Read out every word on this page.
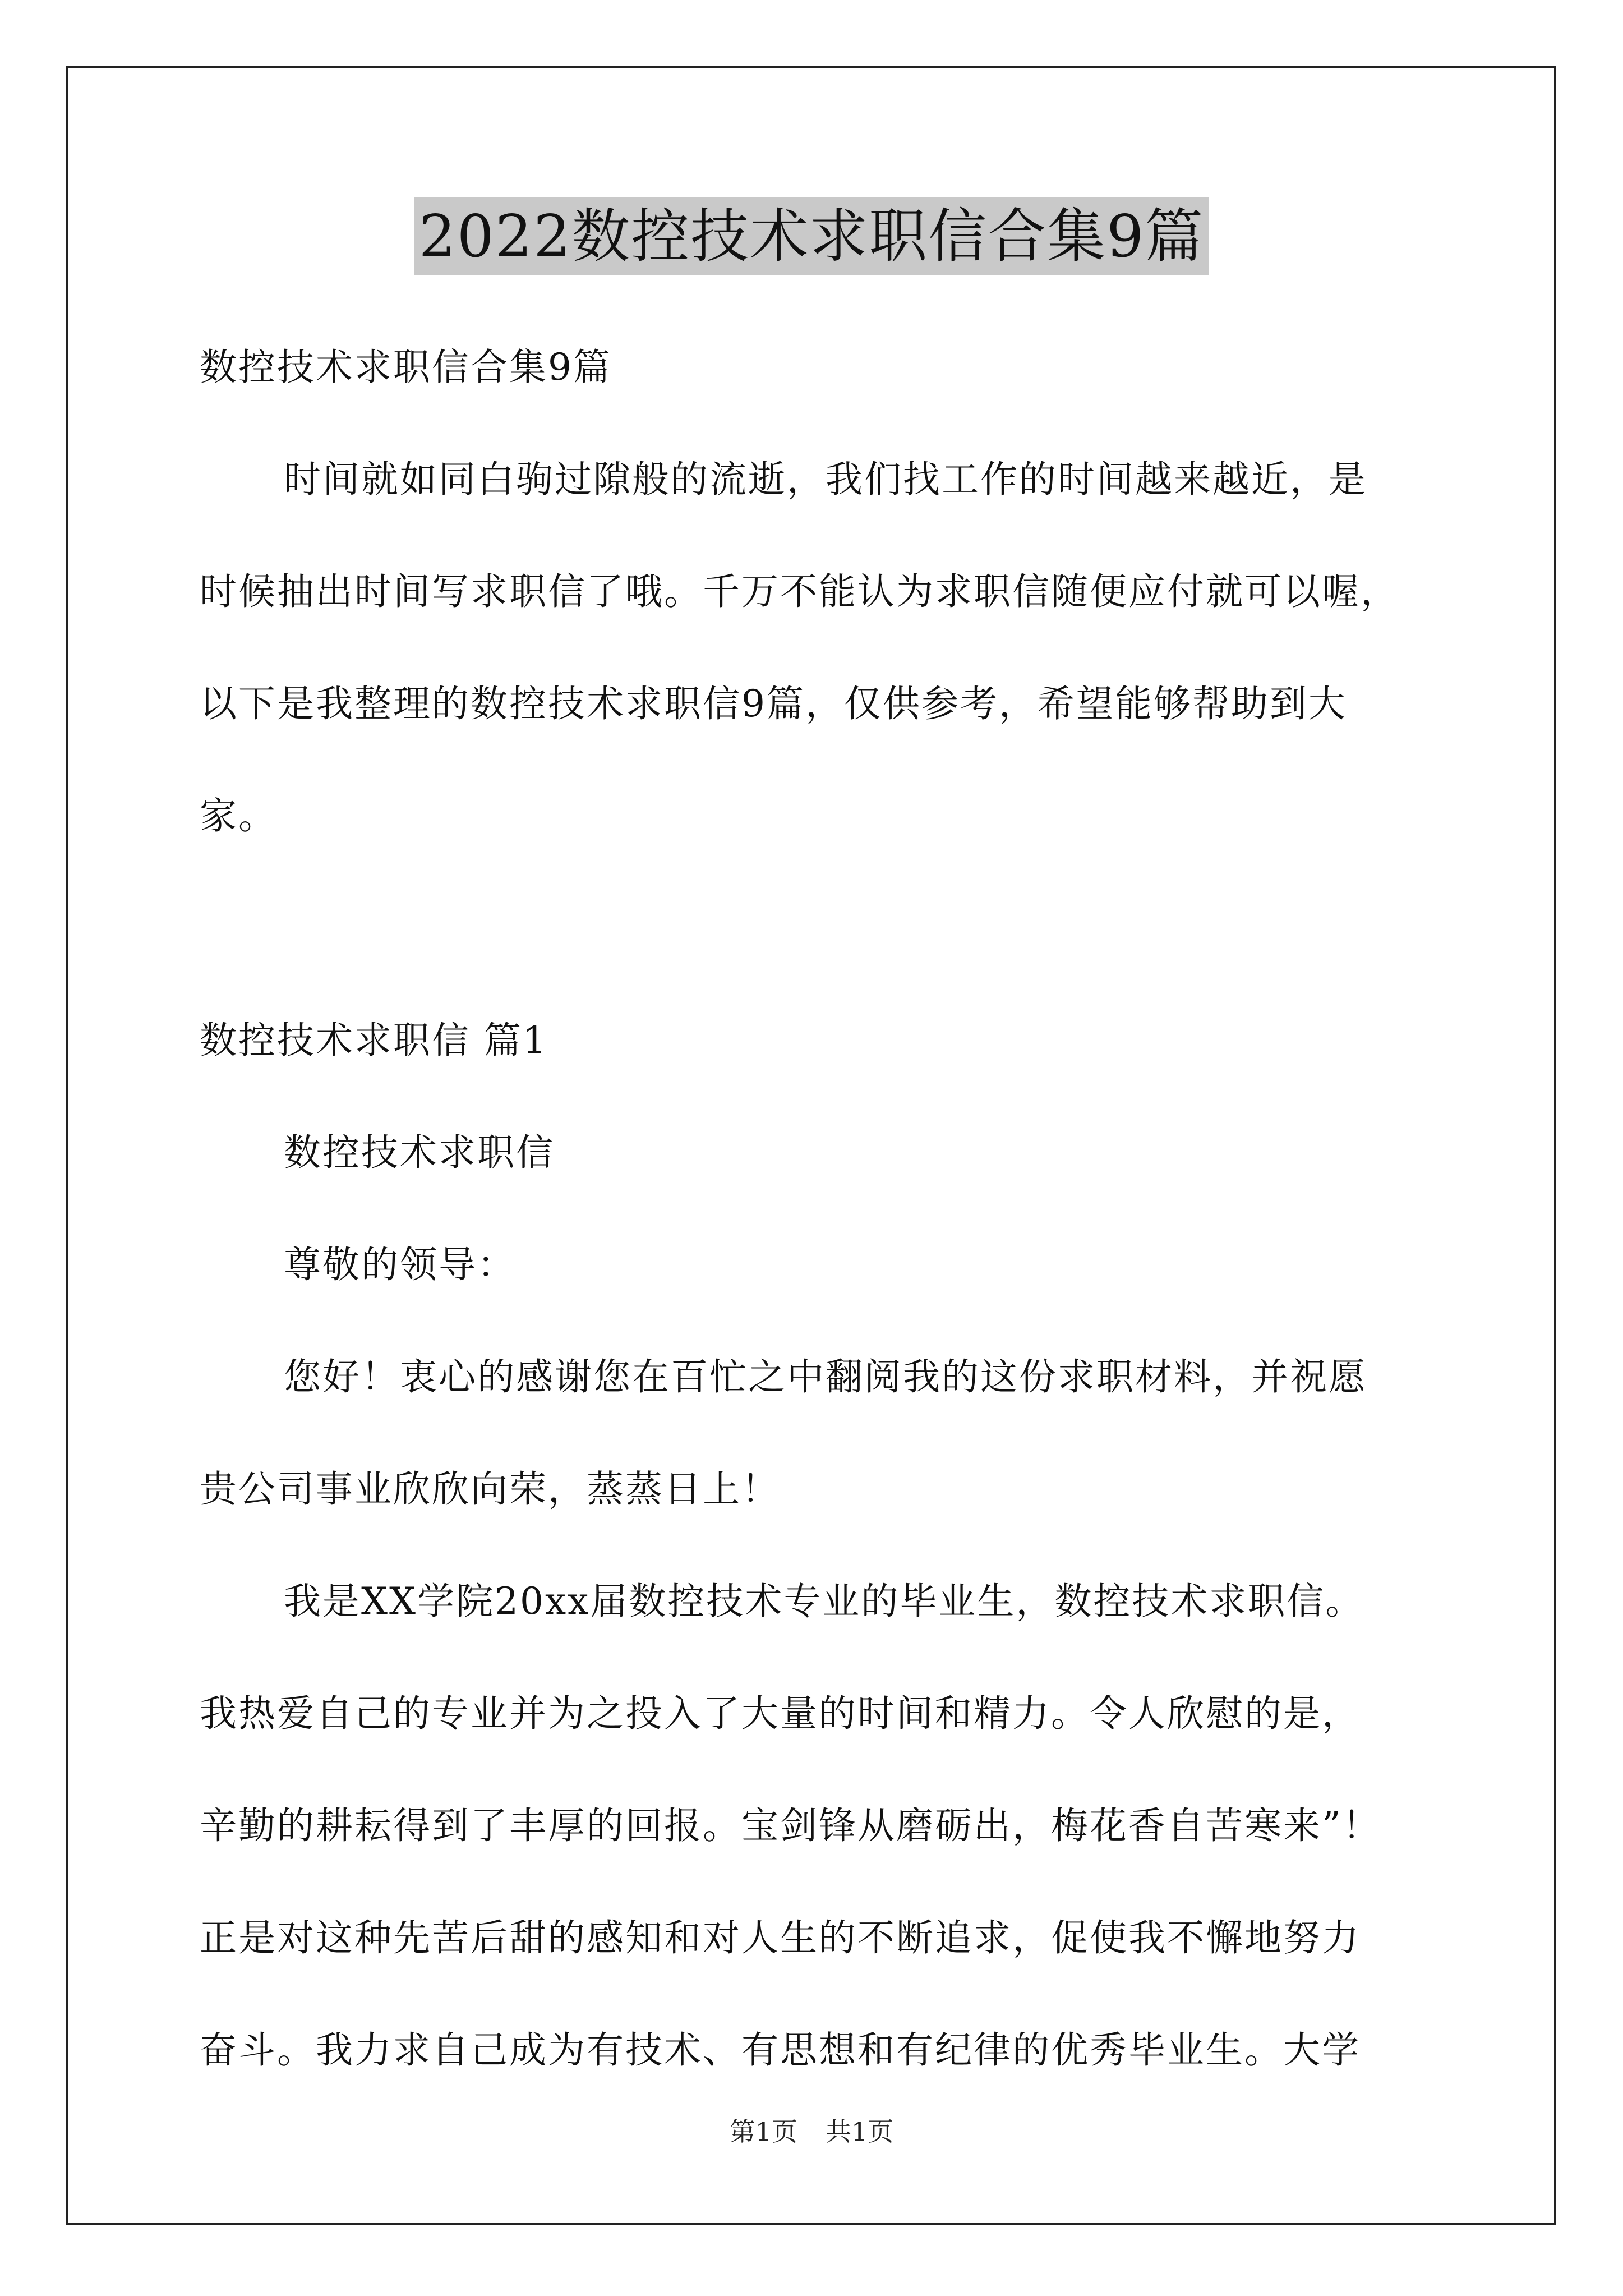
2022数控技术求职信合集9篇

数控技术求职信合集9篇

时间就如同白驹过隙般的流逝，我们找工作的时间越来越近，是

时候抽出时间写求职信了哦。千万不能认为求职信随便应付就可以喔，

以下是我整理的数控技术求职信9篇，仅供参考，希望能够帮助到大

家。

数控技术求职信 篇1

数控技术求职信

尊敬的领导：

您好！衷心的感谢您在百忙之中翻阅我的这份求职材料，并祝愿

贵公司事业欣欣向荣，蒸蒸日上！

我是XX学院20xx届数控技术专业的毕业生，数控技术求职信。

我热爱自己的专业并为之投入了大量的时间和精力。令人欣慰的是，

辛勤的耕耘得到了丰厚的回报。宝剑锋从磨砺出，梅花香自苦寒来”！

正是对这种先苦后甜的感知和对人生的不断追求，促使我不懈地努力

奋斗。我力求自己成为有技术、有思想和有纪律的优秀毕业生。大学

第1页 共1页
